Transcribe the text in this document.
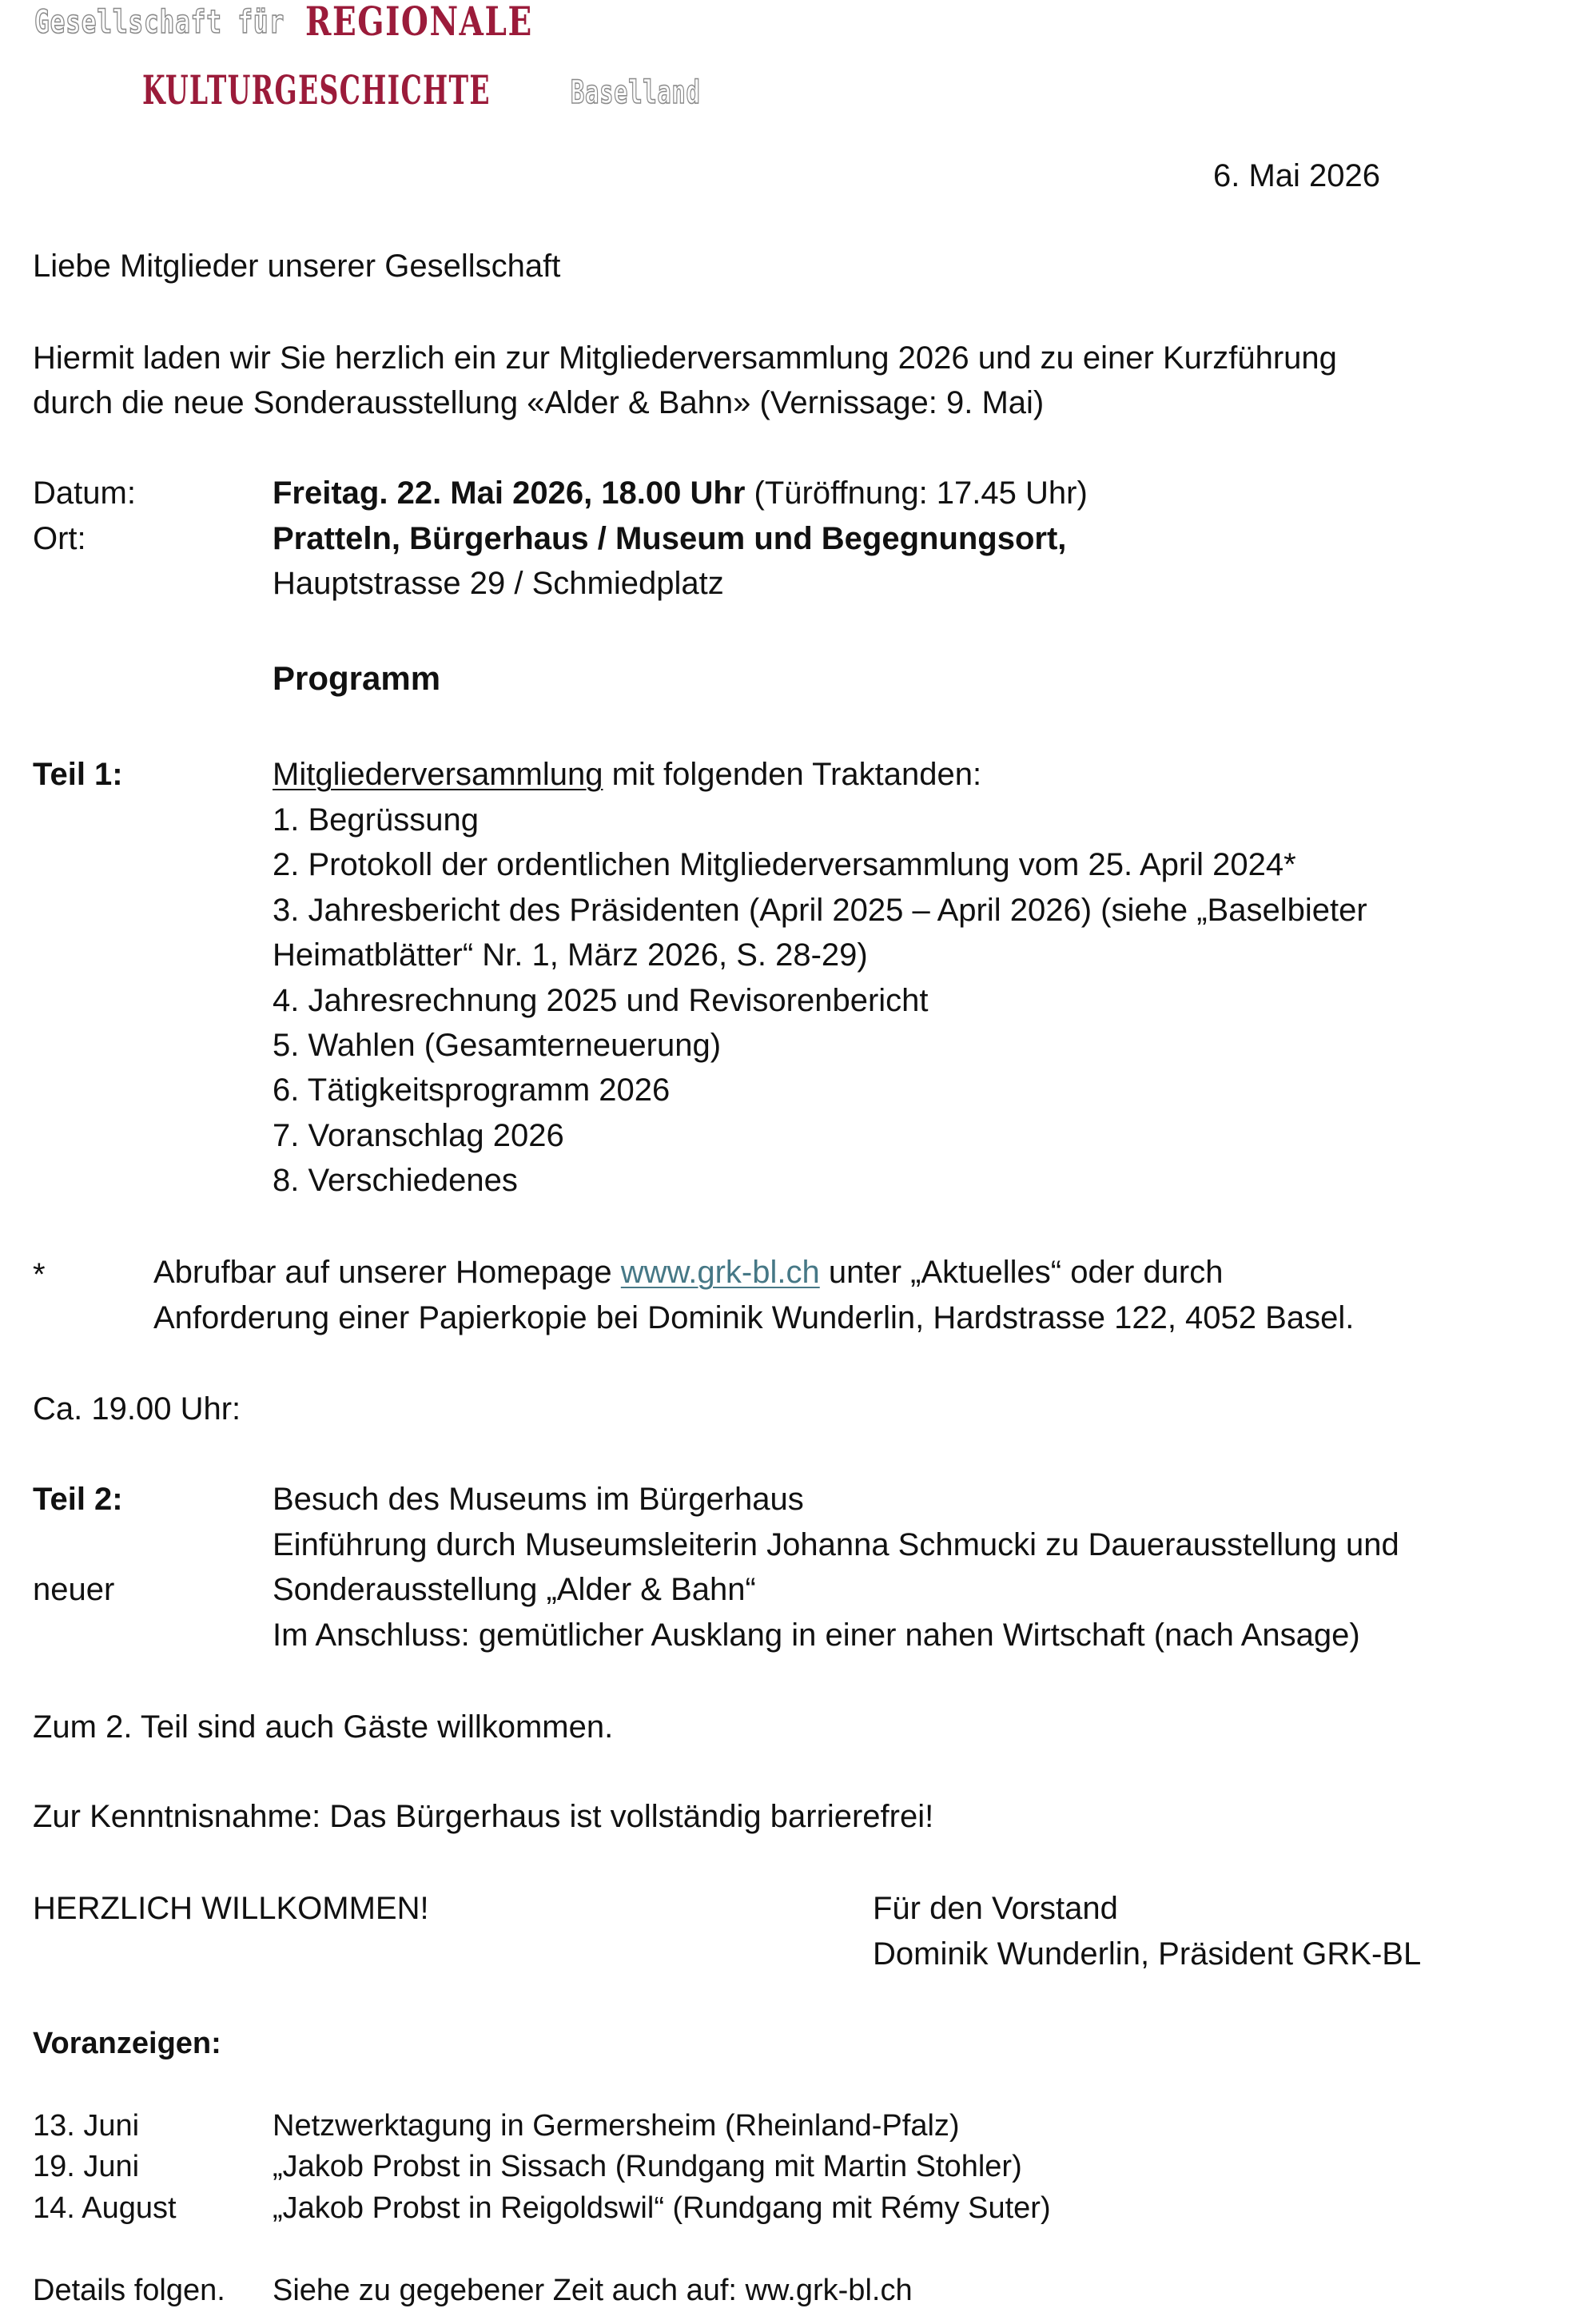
Gesellschaft für REGIONALE
KULTURGESCHICHTE	Baselland
6. Mai 2026
Liebe Mitglieder unserer Gesellschaft
Hiermit laden wir Sie herzlich ein zur Mitgliederversammlung 2026 und zu einer Kurzführung
durch die neue Sonderausstellung «Alder & Bahn» (Vernissage: 9. Mai)
Datum:	Freitag. 22. Mai 2026, 18.00 Uhr (Türöffnung: 17.45 Uhr)
Ort:	Pratteln, Bürgerhaus / Museum und Begegnungsort,
Hauptstrasse 29 / Schmiedplatz
Programm
Teil 1:	Mitgliederversammlung mit folgenden Traktanden:
1. Begrüssung
2. Protokoll der ordentlichen Mitgliederversammlung vom 25. April 2024*
3. Jahresbericht des Präsidenten (April 2025 – April 2026) (siehe „Baselbieter
Heimatblätter“ Nr. 1, März 2026, S. 28-29)
4. Jahresrechnung 2025 und Revisorenbericht
5. Wahlen (Gesamterneuerung)
6. Tätigkeitsprogramm 2026
7. Voranschlag 2026
8. Verschiedenes
*	Abrufbar auf unserer Homepage www.grk-bl.ch unter „Aktuelles“ oder durch
Anforderung einer Papierkopie bei Dominik Wunderlin, Hardstrasse 122, 4052 Basel.
Ca. 19.00 Uhr:
Teil 2:	Besuch des Museums im Bürgerhaus
Einführung durch Museumsleiterin Johanna Schmucki zu Dauerausstellung und
neuer	Sonderausstellung „Alder & Bahn“
Im Anschluss: gemütlicher Ausklang in einer nahen Wirtschaft (nach Ansage)
Zum 2. Teil sind auch Gäste willkommen.
Zur Kenntnisnahme: Das Bürgerhaus ist vollständig barrierefrei!
HERZLICH WILLKOMMEN!	Für den Vorstand
Dominik Wunderlin, Präsident GRK-BL
Voranzeigen:
13. Juni	Netzwerktagung in Germersheim (Rheinland-Pfalz)
19. Juni	„Jakob Probst in Sissach (Rundgang mit Martin Stohler)
14. August	„Jakob Probst in Reigoldswil“ (Rundgang mit Rémy Suter)
Details folgen. Siehe zu gegebener Zeit auch auf: ww.grk-bl.ch
